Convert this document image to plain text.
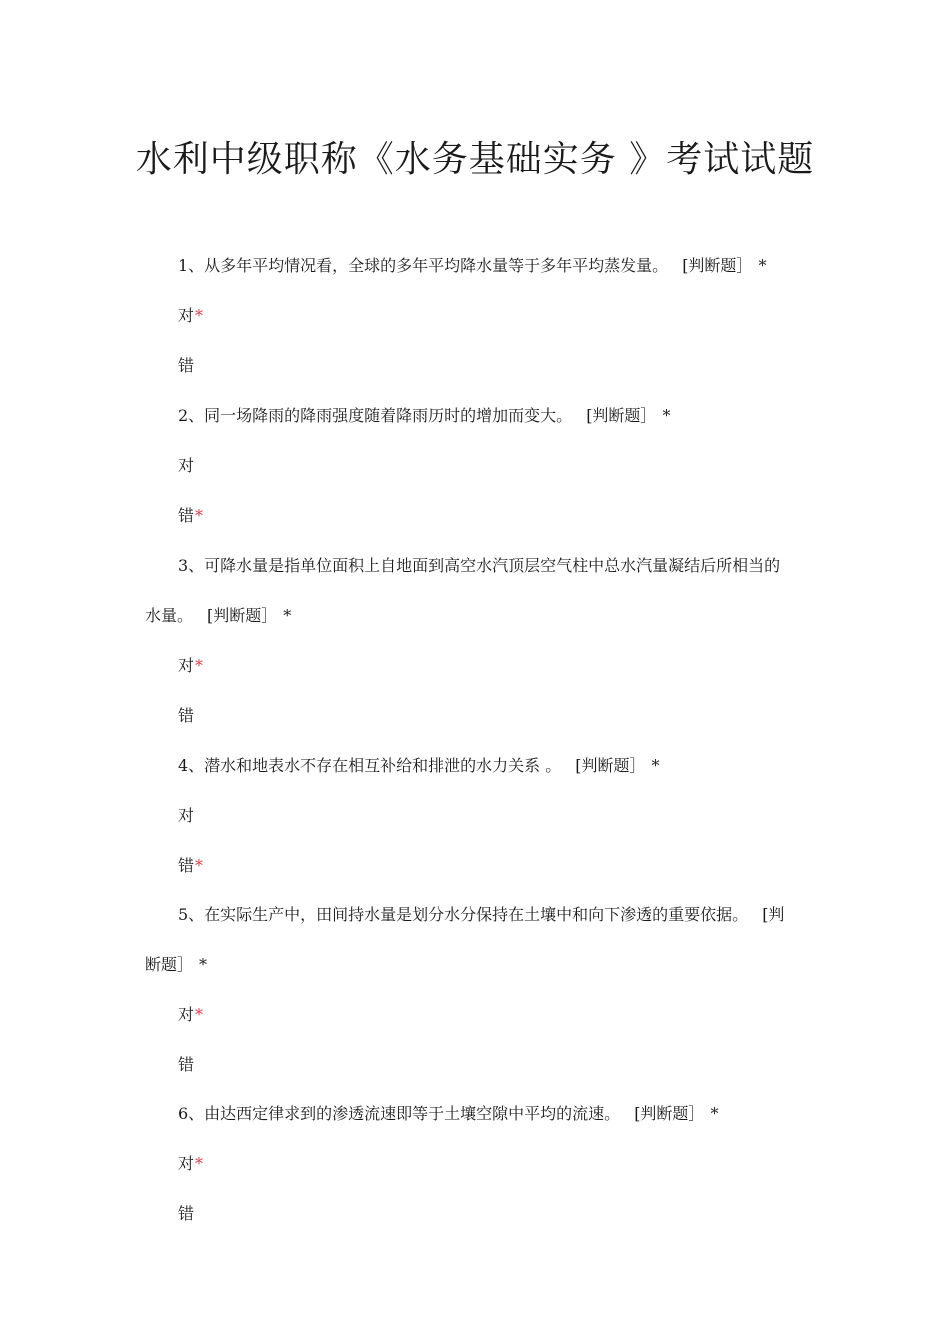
水利中级职称《水务基础实务 》考试试题
1、从多年平均情况看，全球的多年平均降水量等于多年平均蒸发量。 [判断题］ *
对*
错
2、同一场降雨的降雨强度随着降雨历时的增加而变大。 [判断题］ *
对
错*
3、可降水量是指单位面积上自地面到高空水汽顶层空气柱中总水汽量凝结后所相当的
水量。 [判断题］ *
对*
错
4、潜水和地表水不存在相互补给和排泄的水力关系 。 [判断题］ *
对
错*
5、在实际生产中，田间持水量是划分水分保持在土壤中和向下渗透的重要依据。 [判
断题］ *
对*
错
6、由达西定律求到的渗透流速即等于土壤空隙中平均的流速。 [判断题］ *
对*
错
